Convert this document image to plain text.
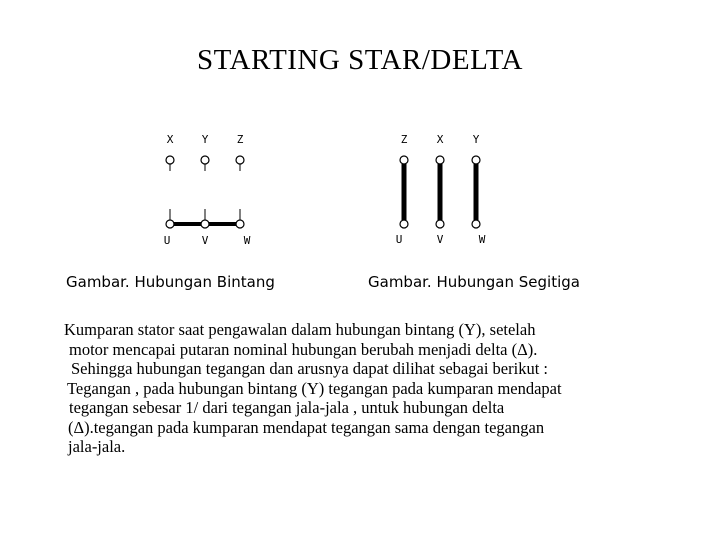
STARTING STAR/DELTA
X	Y	Z
U	V	W
Z	X	Y
U	V	W
Gambar. Hubungan Bintang	Gambar. Hubungan Segitiga
Kumparan stator saat pengawalan dalam hubungan bintang (Y), setelah
motor mencapai putaran nominal hubungan berubah menjadi delta (Δ).
Sehingga hubungan tegangan dan arusnya dapat dilihat sebagai berikut :
Tegangan , pada hubungan bintang (Y) tegangan pada kumparan mendapat
tegangan sebesar 1/ dari tegangan jala-jala , untuk hubungan delta
(Δ).tegangan pada kumparan mendapat tegangan sama dengan tegangan
jala-jala.
